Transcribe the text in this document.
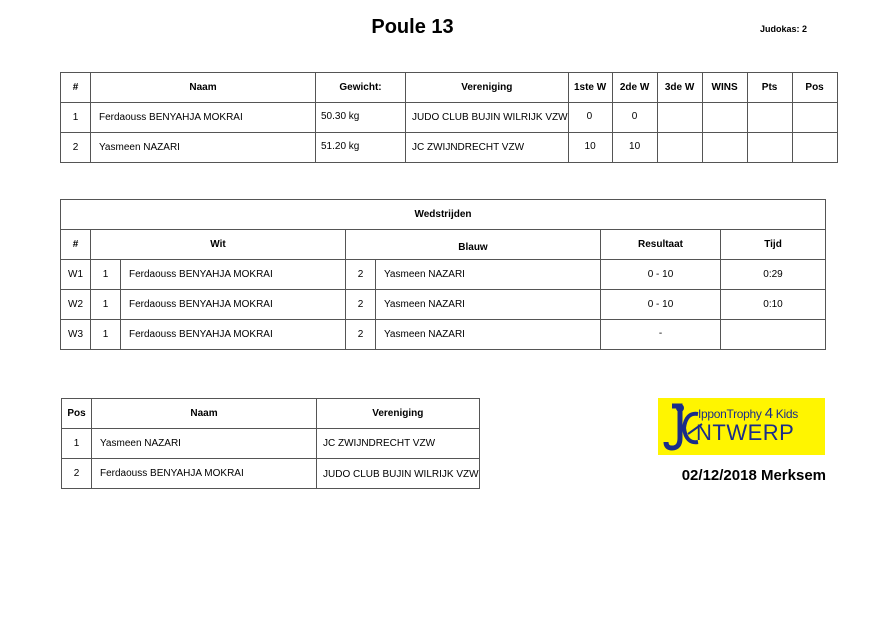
Poule 13	Judokas: 2
#	Naam	Gewicht:	Vereniging	1ste W	2de W	3de W	WINS	Pts	Pos
1	Ferdaouss BENYAHJA MOKRAI	50.30 kg	JUDO CLUB BUJIN WILRIJK VZW	0	0				
2	Yasmeen NAZARI	51.20 kg	JC ZWIJNDRECHT VZW	10	10				
Wedstrijden						
#	Wit		Blauw		Resultaat	Tijd
W1	1	Ferdaouss BENYAHJA MOKRAI	2	Yasmeen NAZARI	0 - 10	0:29
W2	1	Ferdaouss BENYAHJA MOKRAI	2	Yasmeen NAZARI	0 - 10	0:10
W3	1	Ferdaouss BENYAHJA MOKRAI	2	Yasmeen NAZARI	-	
Pos	Naam	Vereniging
1	Yasmeen NAZARI	JC ZWIJNDRECHT VZW
2	Ferdaouss BENYAHJA MOKRAI	JUDO CLUB BUJIN WILRIJK VZW
IpponTrophy 4 Kids
NTWERP
02/12/2018 Merksem
